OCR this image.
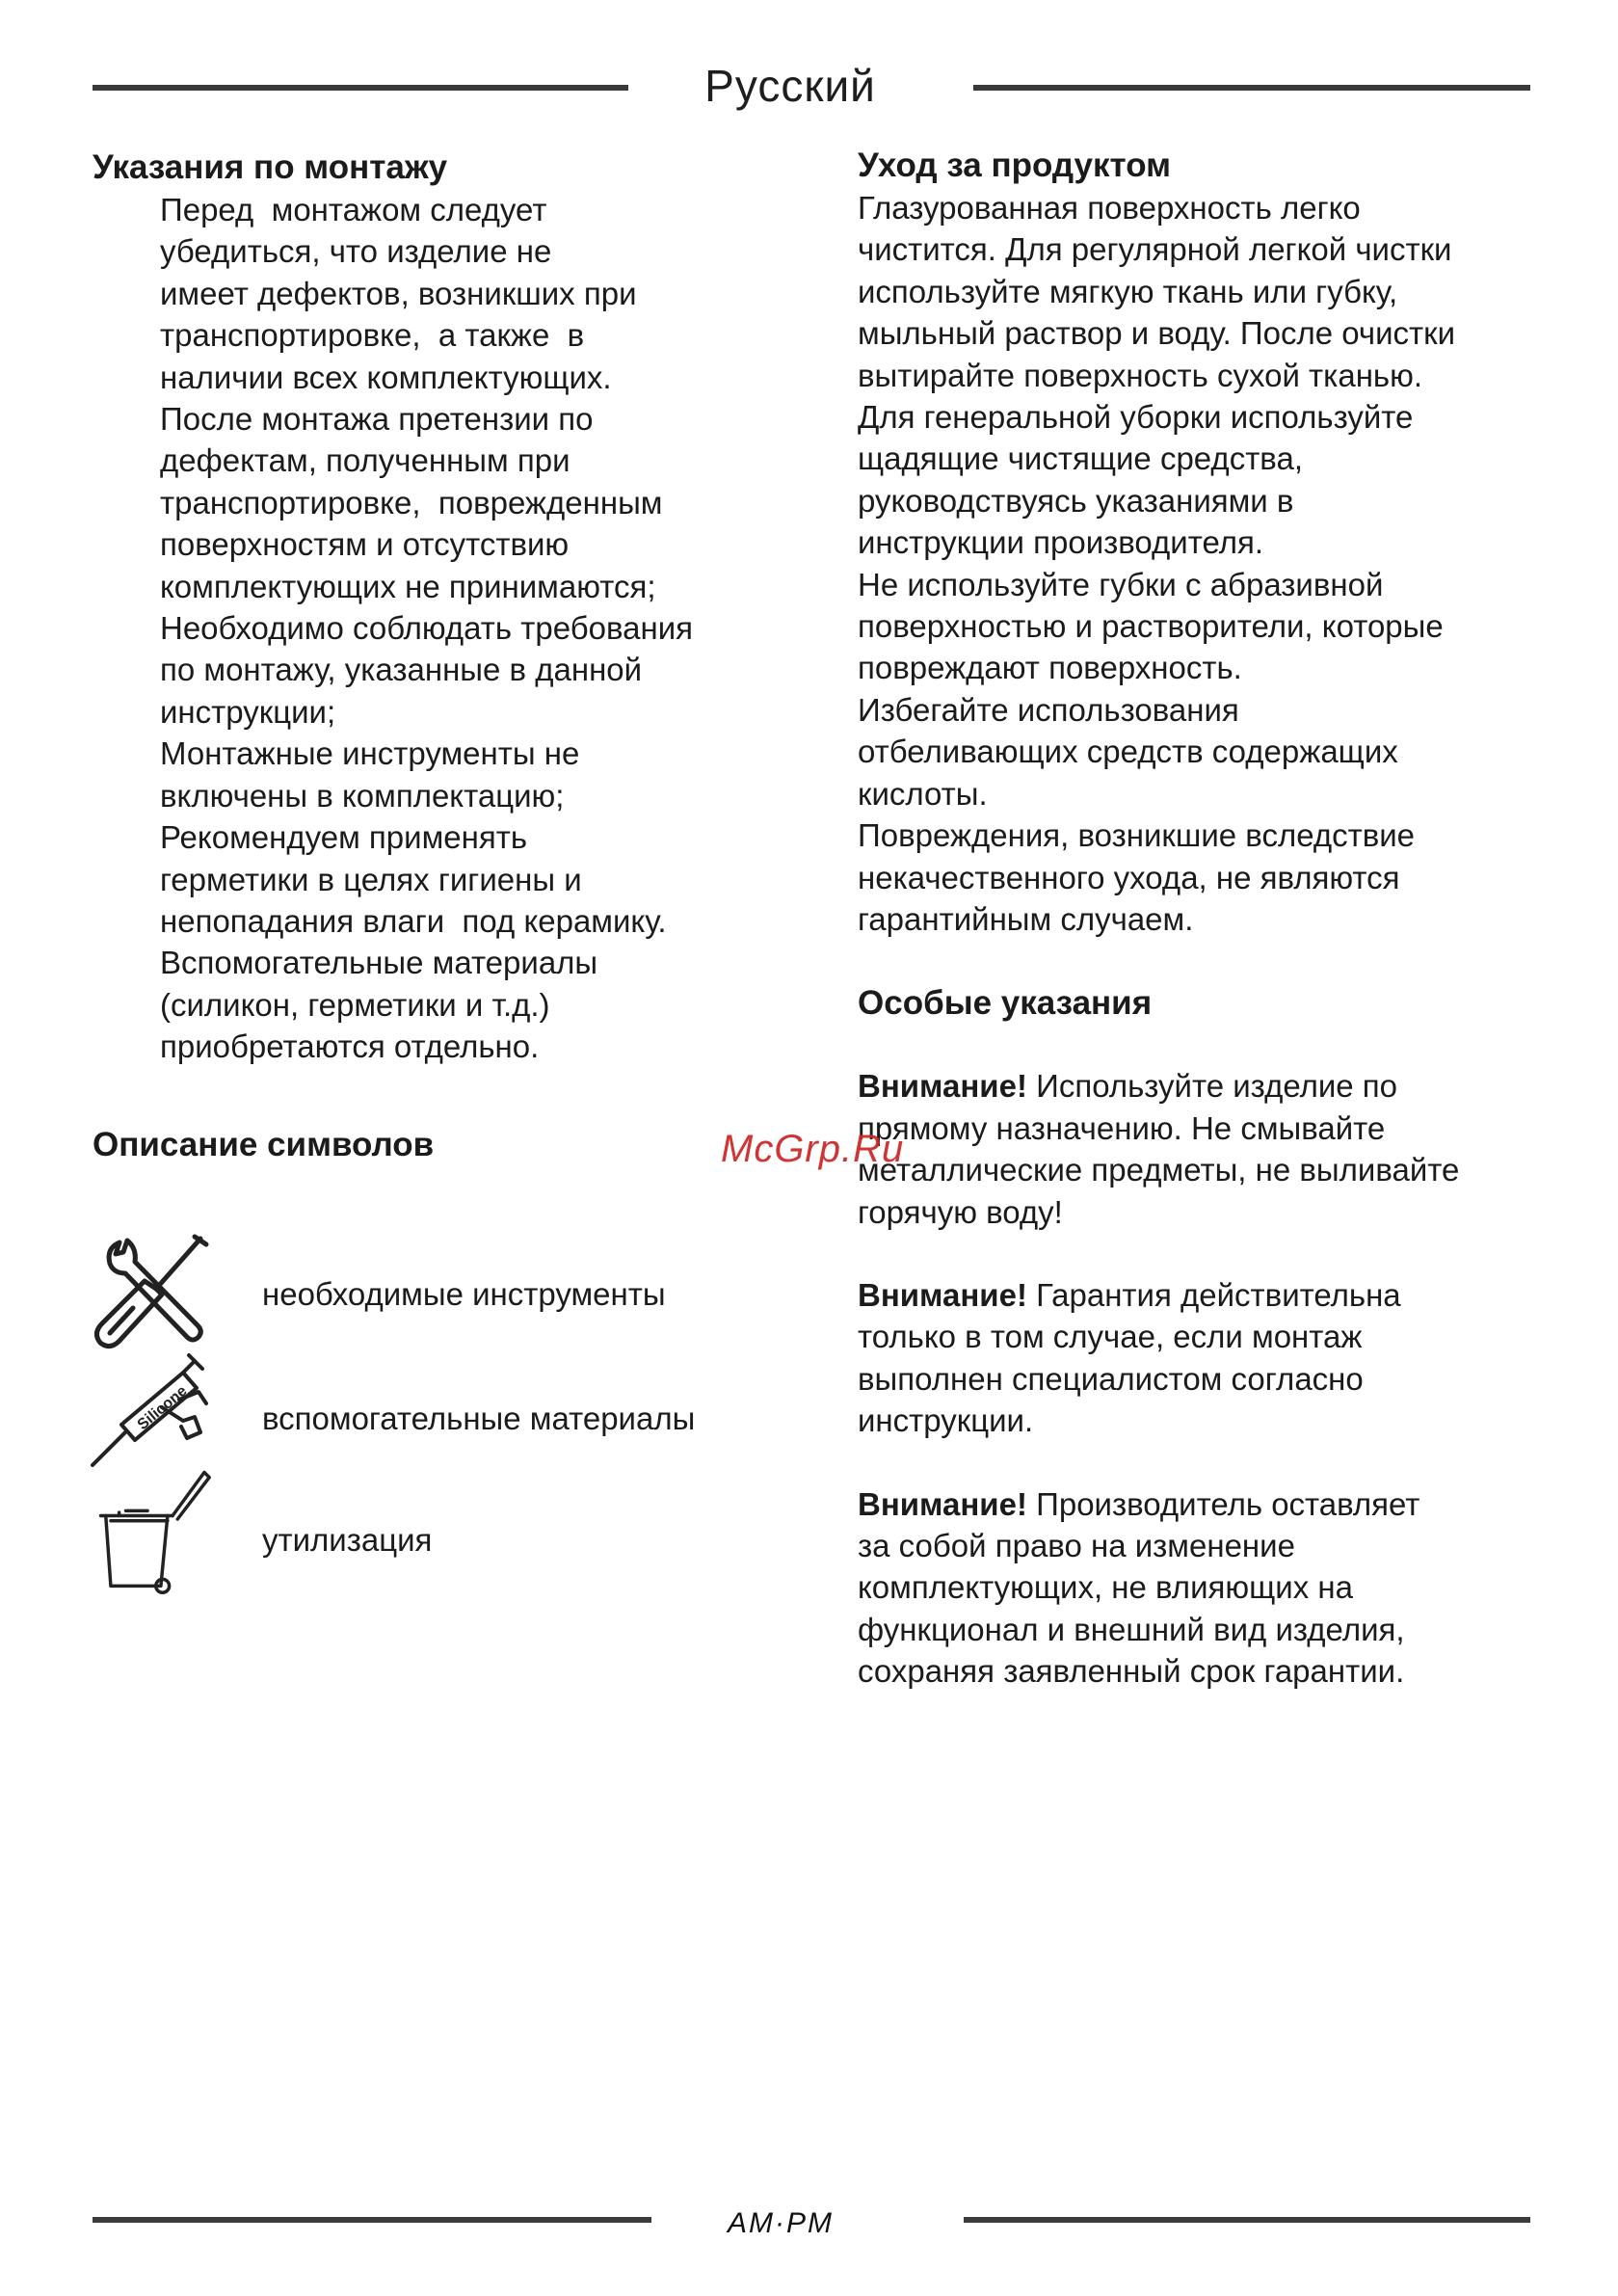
Русский
Указания по монтажу
Перед  монтажом следует
убедиться, что изделие не
имеет дефектов, возникших при
транспортировке,  а также  в
наличии всех комплектующих.
После монтажа претензии по
дефектам, полученным при
транспортировке,  поврежденным
поверхностям и отсутствию
комплектующих не принимаются;
Необходимо соблюдать требования
по монтажу, указанные в данной
инструкции;
Монтажные инструменты не
включены в комплектацию;
Рекомендуем применять
герметики в целях гигиены и
непопадания влаги  под керамику.
Вспомогательные материалы
(силикон, герметики и т.д.)
приобретаются отдельно.
Описание символов
необходимые инструменты
Silicone вспомогательные материалы
утилизация
Уход за продуктом
Глазурованная поверхность легко
чистится. Для регулярной легкой чистки
используйте мягкую ткань или губку,
мыльный раствор и воду. После очистки
вытирайте поверхность сухой тканью.
Для генеральной уборки используйте
щадящие чистящие средства,
руководствуясь указаниями в
инструкции производителя.
Не используйте губки с абразивной
поверхностью и растворители, которые
повреждают поверхность.
Избегайте использования
отбеливающих средств содержащих
кислоты.
Повреждения, возникшие вследствие
некачественного ухода, не являются
гарантийным случаем.
Особые указания
Внимание! Используйте изделие по
прямому назначению. Не смывайте
металлические предметы, не выливайте
горячую воду!
Внимание! Гарантия действительна
только в том случае, если монтаж
выполнен специалистом согласно
инструкции.
Внимание! Производитель оставляет
за собой право на изменение
комплектующих, не влияющих на
функционал и внешний вид изделия,
сохраняя заявленный срок гарантии.
McGrp.Ru
AM·PM
